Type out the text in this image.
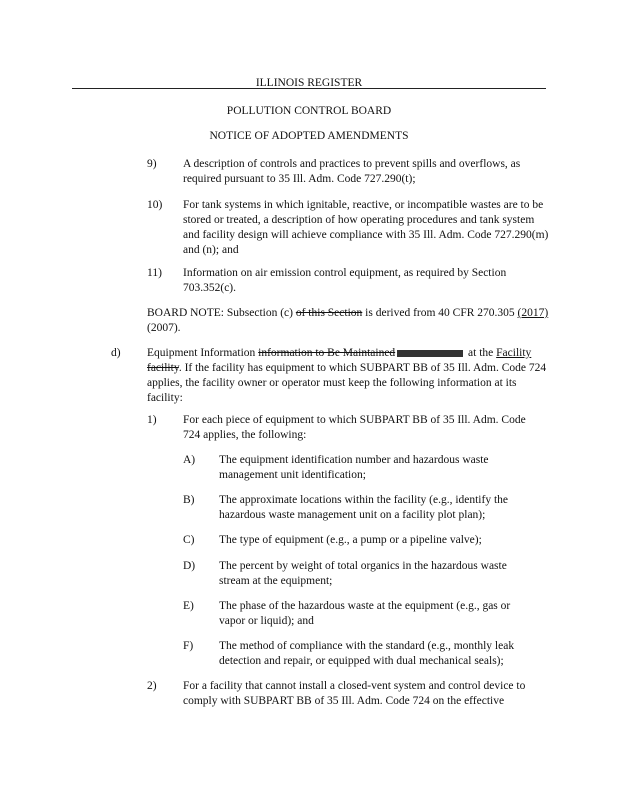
ILLINOIS REGISTER
POLLUTION CONTROL BOARD
NOTICE OF ADOPTED AMENDMENTS
9) A description of controls and practices to prevent spills and overflows, as required pursuant to 35 Ill. Adm. Code 727.290(t);
10) For tank systems in which ignitable, reactive, or incompatible wastes are to be stored or treated, a description of how operating procedures and tank system and facility design will achieve compliance with 35 Ill. Adm. Code 727.290(m) and (n); and
11) Information on air emission control equipment, as required by Section 703.352(c).
BOARD NOTE: Subsection (c) of this Section is derived from 40 CFR 270.305 (2017) (2007).
d) Equipment Information information to Be Maintained	at the Facility facility. If the facility has equipment to which SUBPART BB of 35 Ill. Adm. Code 724 applies, the facility owner or operator must keep the following information at its facility:
1) For each piece of equipment to which SUBPART BB of 35 Ill. Adm. Code 724 applies, the following:
A) The equipment identification number and hazardous waste management unit identification;
B) The approximate locations within the facility (e.g., identify the hazardous waste management unit on a facility plot plan);
C) The type of equipment (e.g., a pump or a pipeline valve);
D) The percent by weight of total organics in the hazardous waste stream at the equipment;
E) The phase of the hazardous waste at the equipment (e.g., gas or vapor or liquid); and
F) The method of compliance with the standard (e.g., monthly leak detection and repair, or equipped with dual mechanical seals);
2) For a facility that cannot install a closed-vent system and control device to comply with SUBPART BB of 35 Ill. Adm. Code 724 on the effective
